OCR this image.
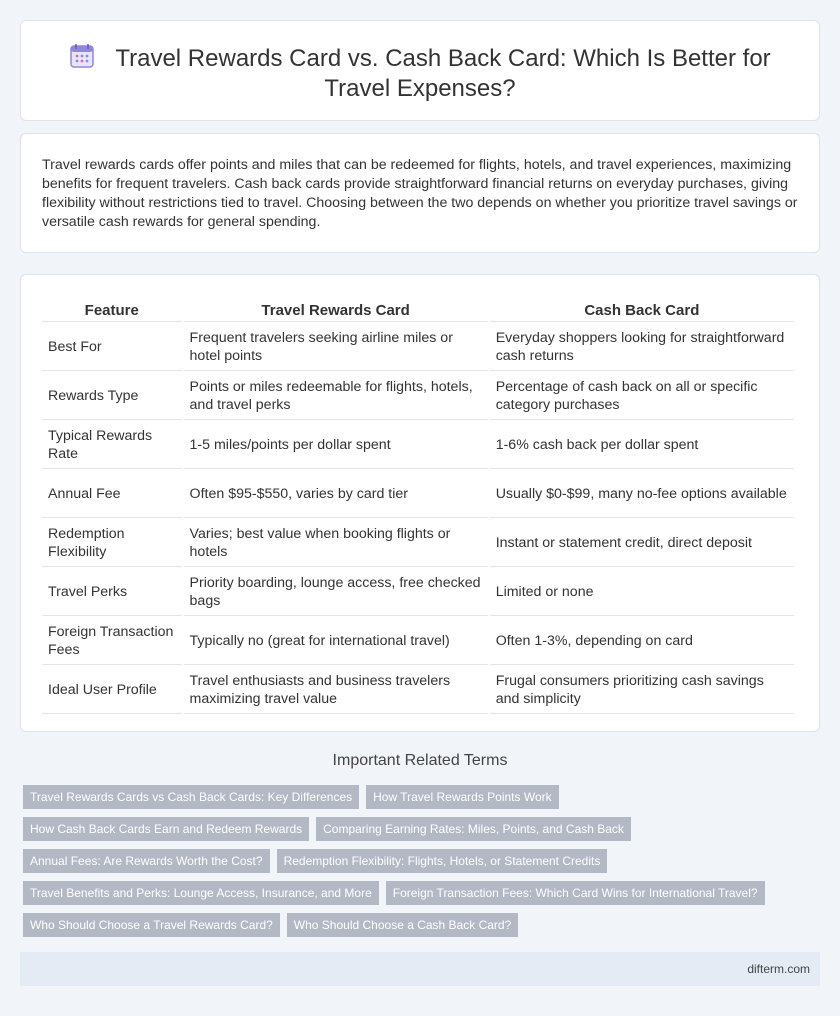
Travel Rewards Card vs. Cash Back Card: Which Is Better for Travel Expenses?
Travel rewards cards offer points and miles that can be redeemed for flights, hotels, and travel experiences, maximizing benefits for frequent travelers. Cash back cards provide straightforward financial returns on everyday purchases, giving flexibility without restrictions tied to travel. Choosing between the two depends on whether you prioritize travel savings or versatile cash rewards for general spending.
Feature	Travel Rewards Card	Cash Back Card
Best For	Frequent travelers seeking airline miles or hotel points	Everyday shoppers looking for straightforward cash returns
Rewards Type	Points or miles redeemable for flights, hotels, and travel perks	Percentage of cash back on all or specific category purchases
Typical Rewards Rate	1-5 miles/points per dollar spent	1-6% cash back per dollar spent
Annual Fee	Often $95-$550, varies by card tier	Usually $0-$99, many no-fee options available
Redemption Flexibility	Varies; best value when booking flights or hotels	Instant or statement credit, direct deposit
Travel Perks	Priority boarding, lounge access, free checked bags	Limited or none
Foreign Transaction Fees	Typically no (great for international travel)	Often 1-3%, depending on card
Ideal User Profile	Travel enthusiasts and business travelers maximizing travel value	Frugal consumers prioritizing cash savings and simplicity
Important Related Terms
Travel Rewards Cards vs Cash Back Cards: Key Differences	How Travel Rewards Points Work
How Cash Back Cards Earn and Redeem Rewards	Comparing Earning Rates: Miles, Points, and Cash Back
Annual Fees: Are Rewards Worth the Cost?	Redemption Flexibility: Flights, Hotels, or Statement Credits
Travel Benefits and Perks: Lounge Access, Insurance, and More	Foreign Transaction Fees: Which Card Wins for International Travel?
Who Should Choose a Travel Rewards Card?	Who Should Choose a Cash Back Card?
difterm.com
